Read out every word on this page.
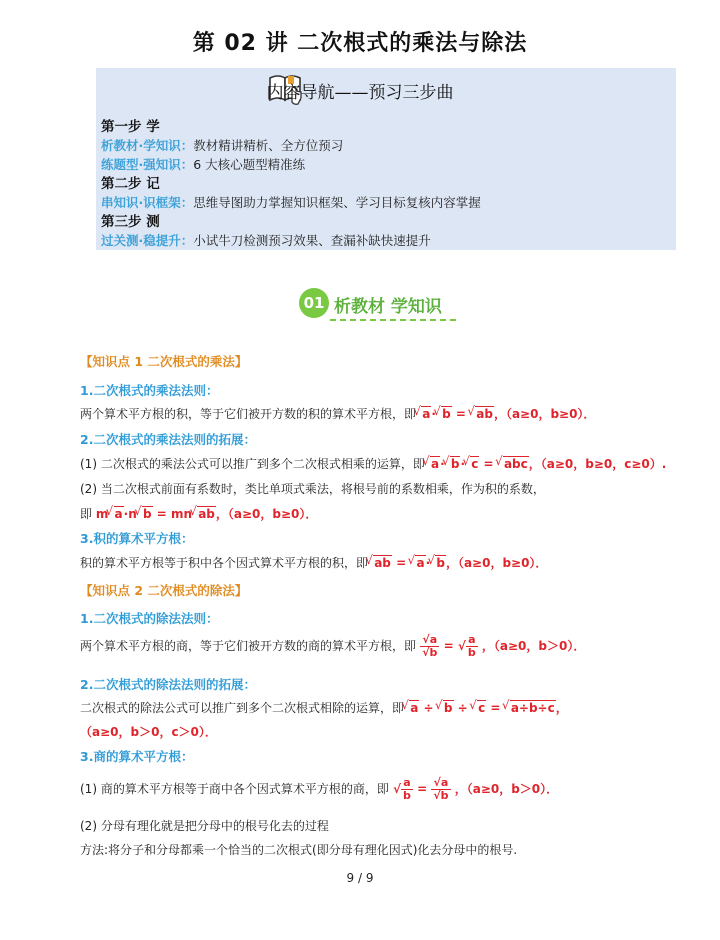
第 02 讲 二次根式的乘法与除法
内容导航——预习三步曲
第一步 学
析教材·学知识：教材精讲精析、全方位预习
练题型·强知识：6 大核心题型精准练
第二步 记
串知识·识框架：思维导图助力掌握知识框架、学习目标复核内容掌握
第三步 测
过关测·稳提升：小试牛刀检测预习效果、查漏补缺快速提升
01 析教材 学知识
【知识点 1 二次根式的乘法】
1.二次根式的乘法法则：
两个算术平方根的积，等于它们被开方数的积的算术平方根，即 √ a· √ b =  √ ab，（a≥0，b≥0）．
2.二次根式的乘法法则的拓展：
(1) 二次根式的乘法公式可以推广到多个二次根式相乘的运算，即 √ a· √ b· √ c =  √ abc，（a≥0，b≥0，c≥0）.
(2) 当二次根式前面有系数时，类比单项式乘法，将根号前的系数相乘，作为积的系数，
即 m √ a·n √ b = mn √ ab，（a≥0，b≥0）．
3.积的算术平方根：
积的算术平方根等于积中各个因式算术平方根的积，即 √ ab =  √ a· √ b，（a≥0，b≥0）．
【知识点 2 二次根式的除法】
1.二次根式的除法法则：
两个算术平方根的商，等于它们被开方数的商的算术平方根，即 $\frac{√a}{√b}$ = √ $\frac{a}{b}$ ，（a≥0，b＞0）．
2.二次根式的除法法则的拓展：
二次根式的除法公式可以推广到多个二次根式相除的运算，即 √ a ÷  √ b ÷  √ c =  √ a÷b÷c，
（a≥0，b＞0，c＞0）．
3.商的算术平方根：
(1) 商的算术平方根等于商中各个因式算术平方根的商，即 √ $\frac{a}{b} = \frac{√a}{√b}$ ，（a≥0，b＞0）．
(2) 分母有理化就是把分母中的根号化去的过程
方法:将分子和分母都乘一个恰当的二次根式(即分母有理化因式)化去分母中的根号.
9 / 9
